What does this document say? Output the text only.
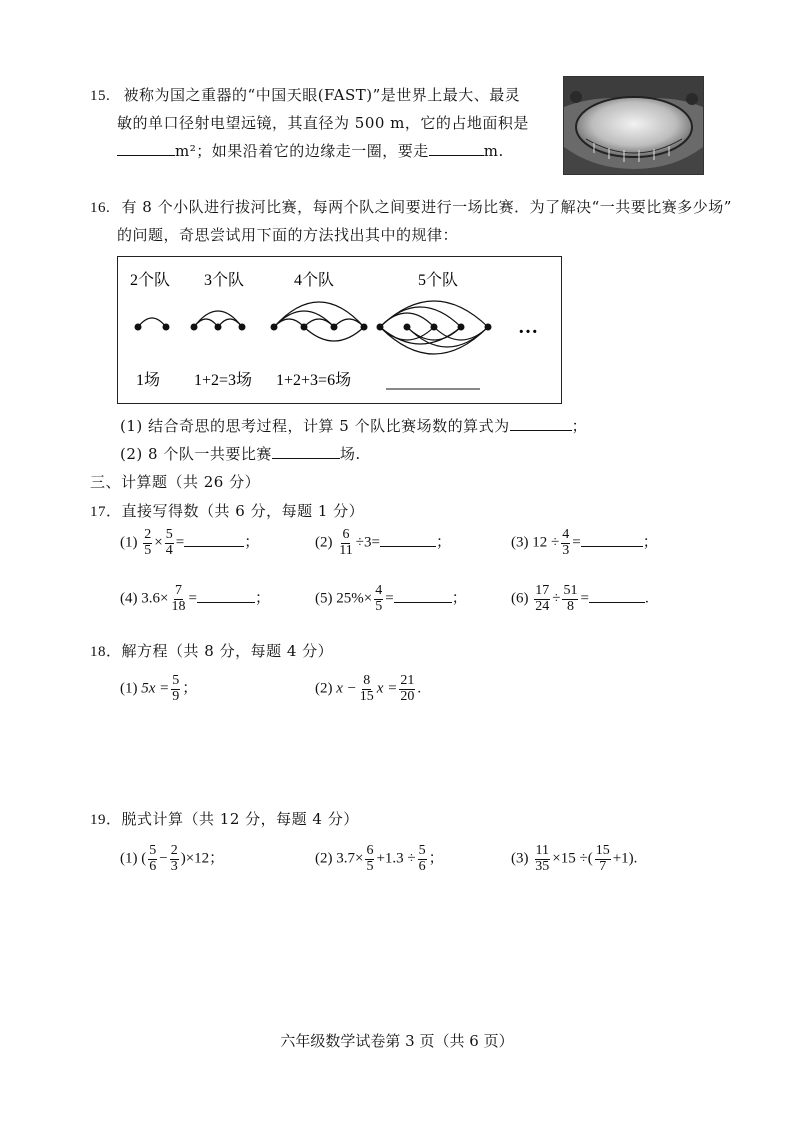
15. 被称为国之重器的“中国天眼(FAST)”是世界上最大、最灵
敏的单口径射电望远镜，其直径为 500 m，它的占地面积是
m²；如果沿着它的边缘走一圈，要走	m.
16. 有 8 个小队进行拔河比赛，每两个队之间要进行一场比赛．为了解决“一共要比赛多少场”
的问题，奇思尝试用下面的方法找出其中的规律：
2个队 3个队	4个队	5个队
…
1场 1+2=3场 1+2+3=6场
(1) 结合奇思的思考过程，计算 5 个队比赛场数的算式为	；
(2) 8 个队一共要比赛	场.
三、计算题（共 26 分）
17．直接写得数（共 6 分，每题 1 分）
$(1) \frac{2}{5} \times \frac{5}{4}$ =	；	$(2) \frac{6}{11} \div 3=$	；	(3) $12 \div \frac{4}{3}$ =	；
(4) $3.6\times \frac{7}{18}$ =	；	(5) $25\%\times \frac{4}{5}$ =	；	$(6) \frac{17}{24} \div \frac{51}{8}$ =	.
18．解方程（共 8 分，每题 4 分）
(1) $5x = \frac{5}{9}$ ；	(2) $x - \frac{8}{15}$ $x = \frac{21}{20}$ .
19．脱式计算（共 12 分，每题 4 分）
(1) ( $\frac{5}{6} - \frac{2}{3} )\times 12$；	(2) $3.7\times \frac{6}{5} +1.3 \div \frac{5}{6}$ ；	$(3) \frac{11}{35} \times 15$ ÷( $\frac{15}{7} +1$).
六年级数学试卷第 3 页（共 6 页）
